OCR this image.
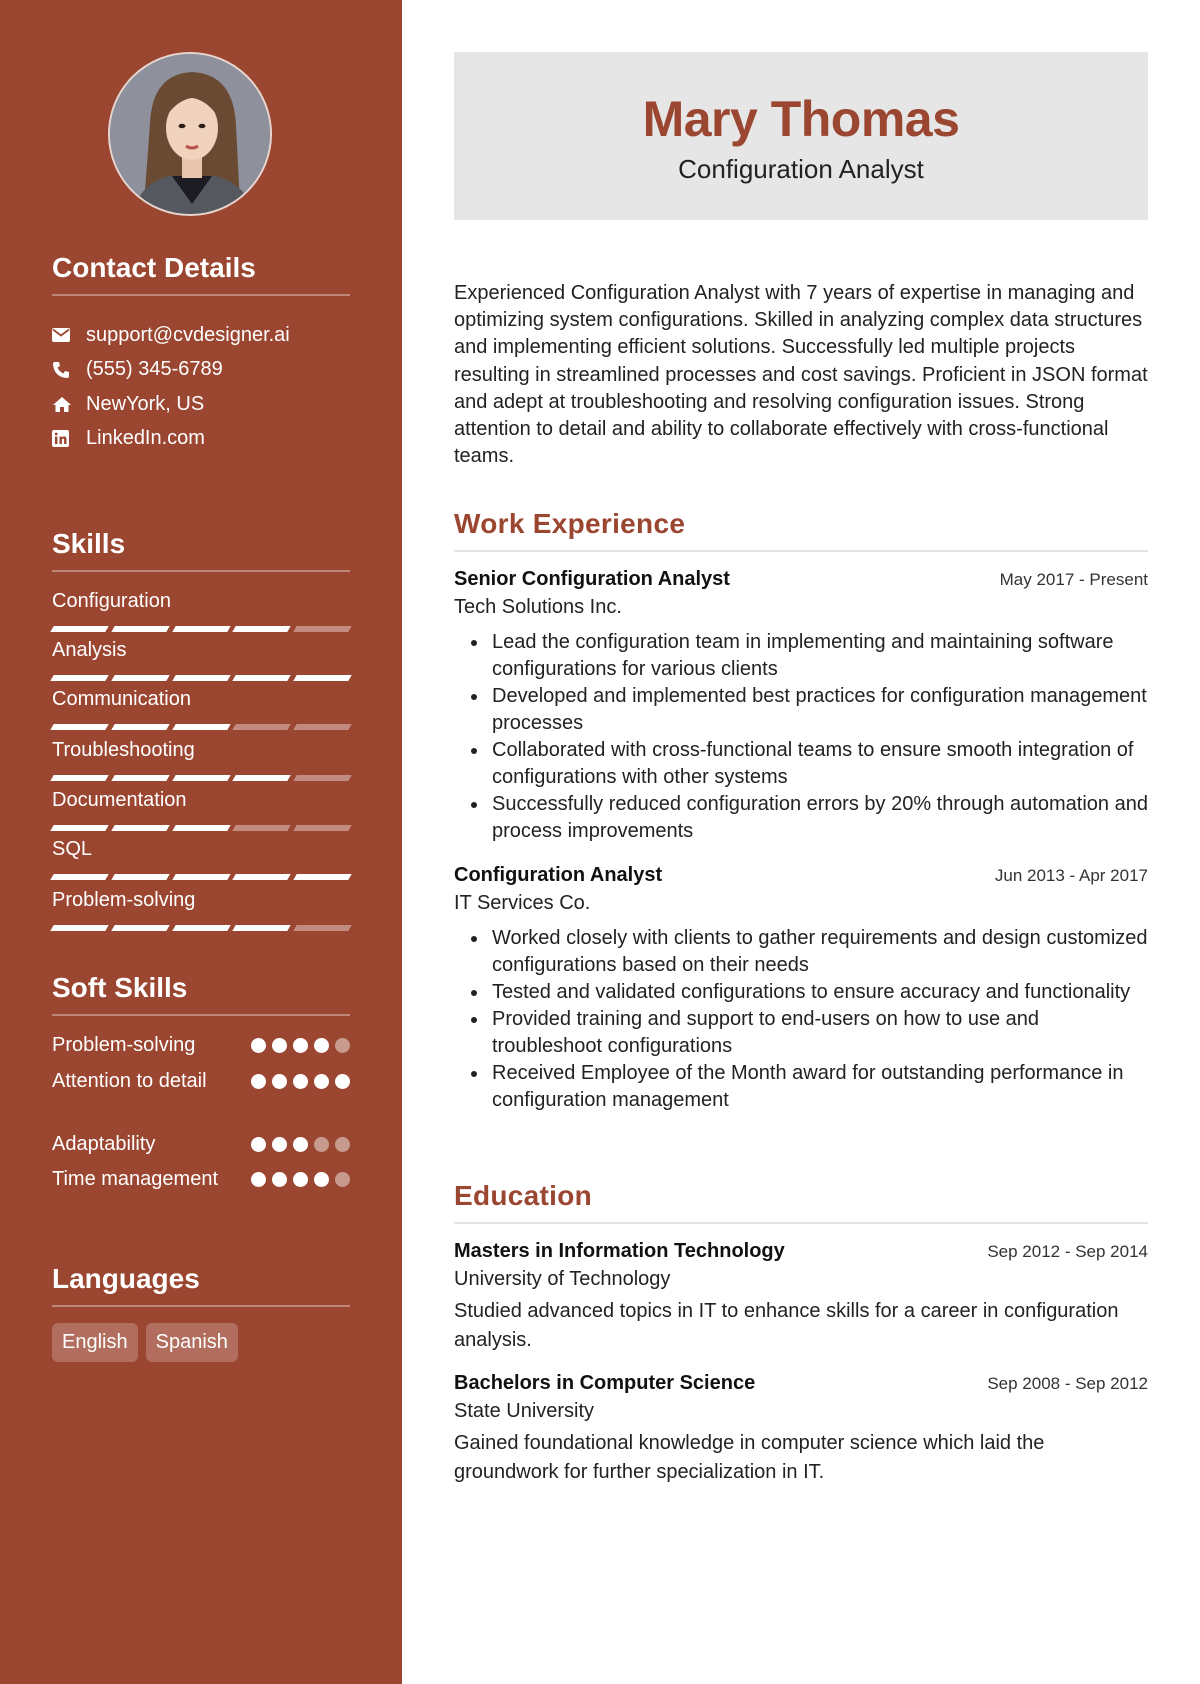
Contact Details
support@cvdesigner.ai
(555) 345-6789
NewYork, US
LinkedIn.com
Skills
Configuration
Analysis
Communication
Troubleshooting
Documentation
SQL
Problem-solving
Soft Skills
Problem-solving
Attention to detail
Adaptability
Time management
Languages
English	Spanish
Mary Thomas
Configuration Analyst
Experienced Configuration Analyst with 7 years of expertise in managing and optimizing system configurations. Skilled in analyzing complex data structures and implementing efficient solutions. Successfully led multiple projects resulting in streamlined processes and cost savings. Proficient in JSON format and adept at troubleshooting and resolving configuration issues. Strong attention to detail and ability to collaborate effectively with cross-functional teams.
Work Experience
Senior Configuration Analyst	May 2017 - Present
Tech Solutions Inc.
Lead the configuration team in implementing and maintaining software configurations for various clients
Developed and implemented best practices for configuration management processes
Collaborated with cross-functional teams to ensure smooth integration of configurations with other systems
Successfully reduced configuration errors by 20% through automation and process improvements
Configuration Analyst	Jun 2013 - Apr 2017
IT Services Co.
Worked closely with clients to gather requirements and design customized configurations based on their needs
Tested and validated configurations to ensure accuracy and functionality
Provided training and support to end-users on how to use and troubleshoot configurations
Received Employee of the Month award for outstanding performance in configuration management
Education
Masters in Information Technology	Sep 2012 - Sep 2014
University of Technology
Studied advanced topics in IT to enhance skills for a career in configuration analysis.
Bachelors in Computer Science	Sep 2008 - Sep 2012
State University
Gained foundational knowledge in computer science which laid the groundwork for further specialization in IT.
